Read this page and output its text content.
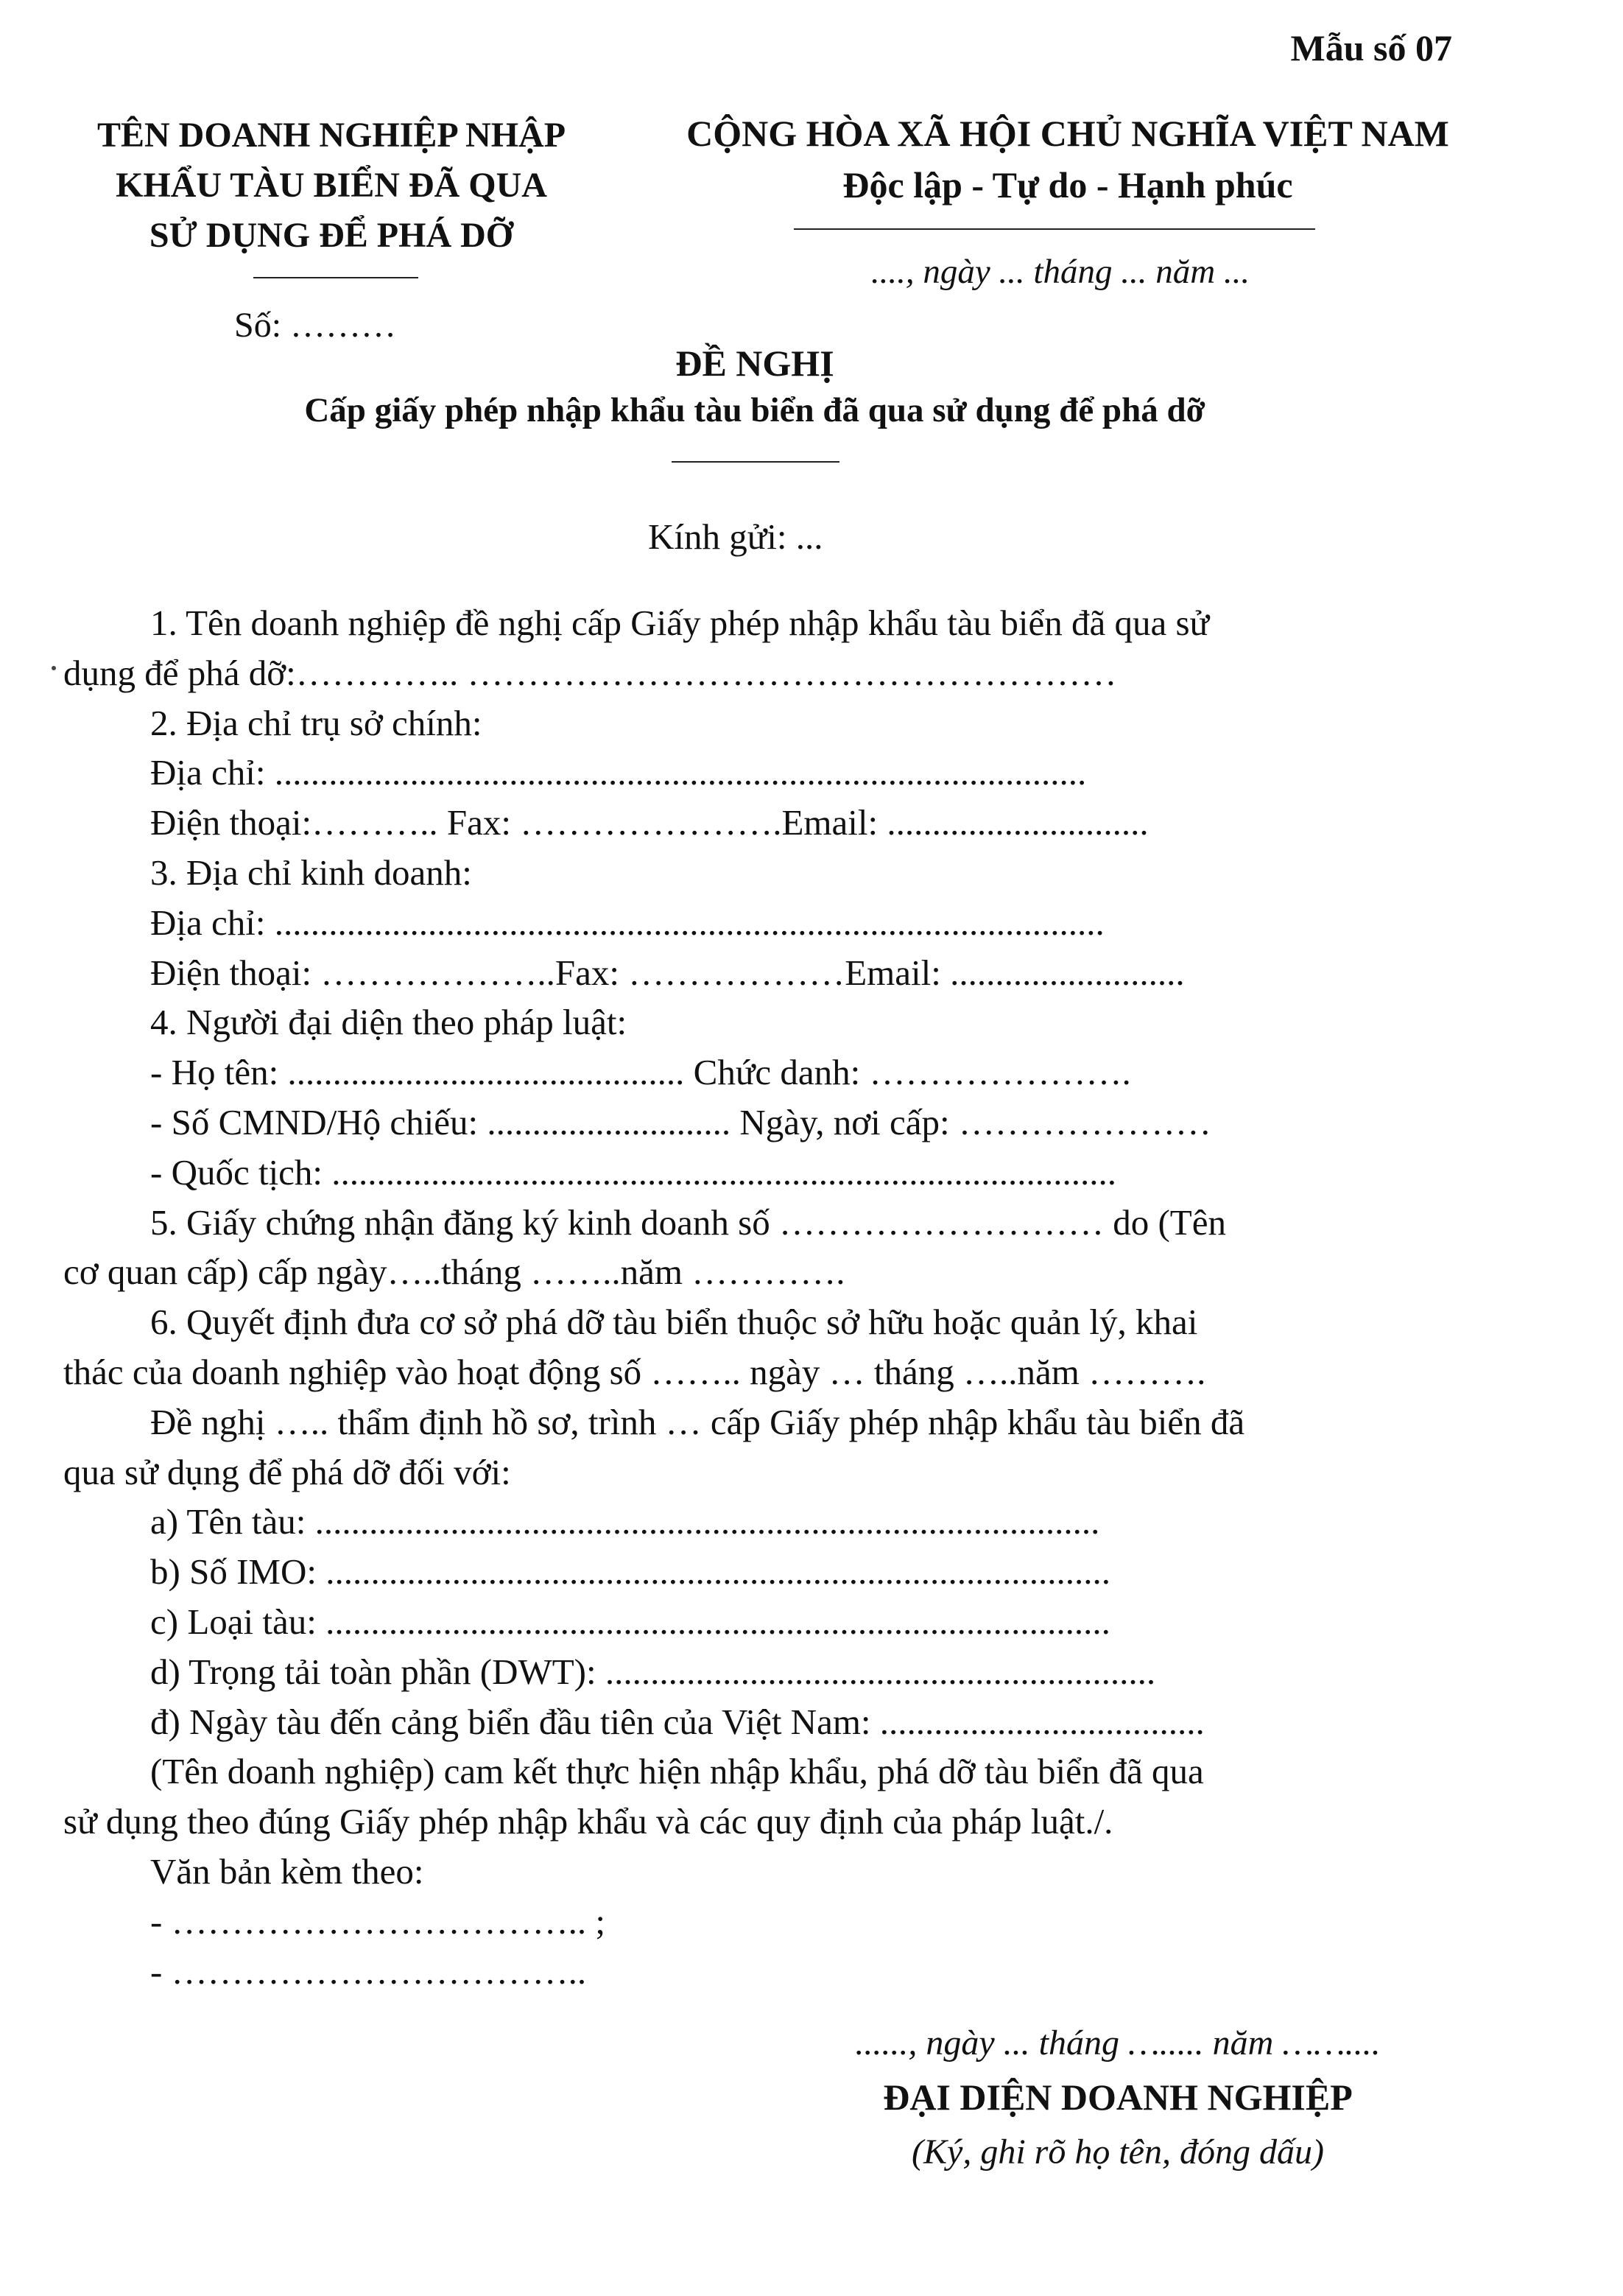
Mẫu số 07
TÊN DOANH NGHIỆP NHẬP
KHẨU TÀU BIỂN ĐÃ QUA
SỬ DỤNG ĐỂ PHÁ DỠ
CỘNG HÒA XÃ HỘI CHỦ NGHĨA VIỆT NAM
Độc lập - Tự do - Hạnh phúc
...., ngày ... tháng ... năm ...
Số: ………
ĐỀ NGHỊ
Cấp giấy phép nhập khẩu tàu biển đã qua sử dụng để phá dỡ
Kính gửi: ...
1. Tên doanh nghiệp đề nghị cấp Giấy phép nhập khẩu tàu biển đã qua sử
dụng để phá dỡ:………….. ………………………………………………
2. Địa chỉ trụ sở chính:
Địa chỉ: ..........................................................................................
Điện thoại:……….. Fax: ………………….Email: .............................
3. Địa chỉ kinh doanh:
Địa chỉ: ............................................................................................
Điện thoại: ………………..Fax: ………………Email: ..........................
4. Người đại diện theo pháp luật:
- Họ tên: ............................................ Chức danh: ………………….
- Số CMND/Hộ chiếu: ........................... Ngày, nơi cấp: …………………
- Quốc tịch: .......................................................................................
5. Giấy chứng nhận đăng ký kinh doanh số ……………………… do (Tên
cơ quan cấp) cấp ngày…..tháng ……..năm ………….
6. Quyết định đưa cơ sở phá dỡ tàu biển thuộc sở hữu hoặc quản lý, khai
thác của doanh nghiệp vào hoạt động số …….. ngày … tháng …..năm ……….
Đề nghị ….. thẩm định hồ sơ, trình … cấp Giấy phép nhập khẩu tàu biển đã
qua sử dụng để phá dỡ đối với:
a) Tên tàu: .......................................................................................
b) Số IMO: .......................................................................................
c) Loại tàu: .......................................................................................
d) Trọng tải toàn phần (DWT): .............................................................
đ) Ngày tàu đến cảng biển đầu tiên của Việt Nam: ....................................
(Tên doanh nghiệp) cam kết thực hiện nhập khẩu, phá dỡ tàu biển đã qua
sử dụng theo đúng Giấy phép nhập khẩu và các quy định của pháp luật./.
Văn bản kèm theo:
- …………………………….. ;
- ……………………………..
......, ngày ... tháng …..... năm ……....
ĐẠI DIỆN DOANH NGHIỆP
(Ký, ghi rõ họ tên, đóng dấu)
